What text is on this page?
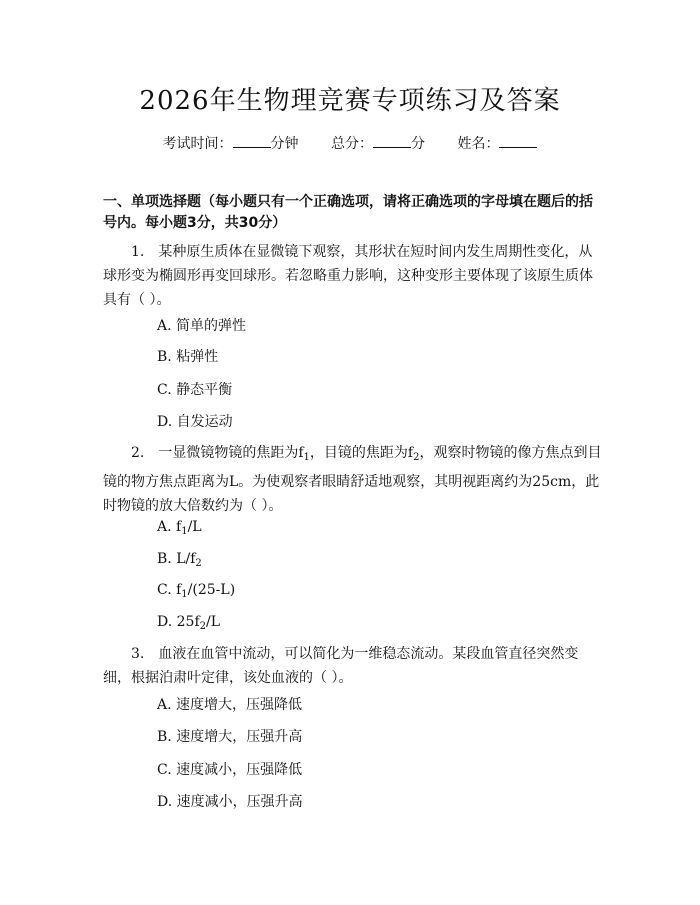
2026年生物理竞赛专项练习及答案
考试时间：	分钟 总分：	分 姓名：
一、单项选择题（每小题只有一个正确选项，请将正确选项的字母填在题后的括号内。每小题3分，共30分）
1.　某种原生质体在显微镜下观察，其形状在短时间内发生周期性变化，从球形变为椭圆形再变回球形。若忽略重力影响，这种变形主要体现了该原生质体具有（ ）。
A. 简单的弹性
B. 粘弹性
C. 静态平衡
D. 自发运动
2.　一显微镜物镜的焦距为$f_1$，目镜的焦距为$f_2$，观察时物镜的像方焦点到目镜的物方焦点距离为L。为使观察者眼睛舒适地观察，其明视距离约为25cm，此时物镜的放大倍数约为（ ）。
A. $f_1/L$
B. $L/f_2$
C. $f_1/(25-L)$
D. $25f_2/L$
3.　血液在血管中流动，可以简化为一维稳态流动。某段血管直径突然变细，根据泊肃叶定律，该处血液的（ ）。
A. 速度增大，压强降低
B. 速度增大，压强升高
C. 速度减小，压强降低
D. 速度减小，压强升高
